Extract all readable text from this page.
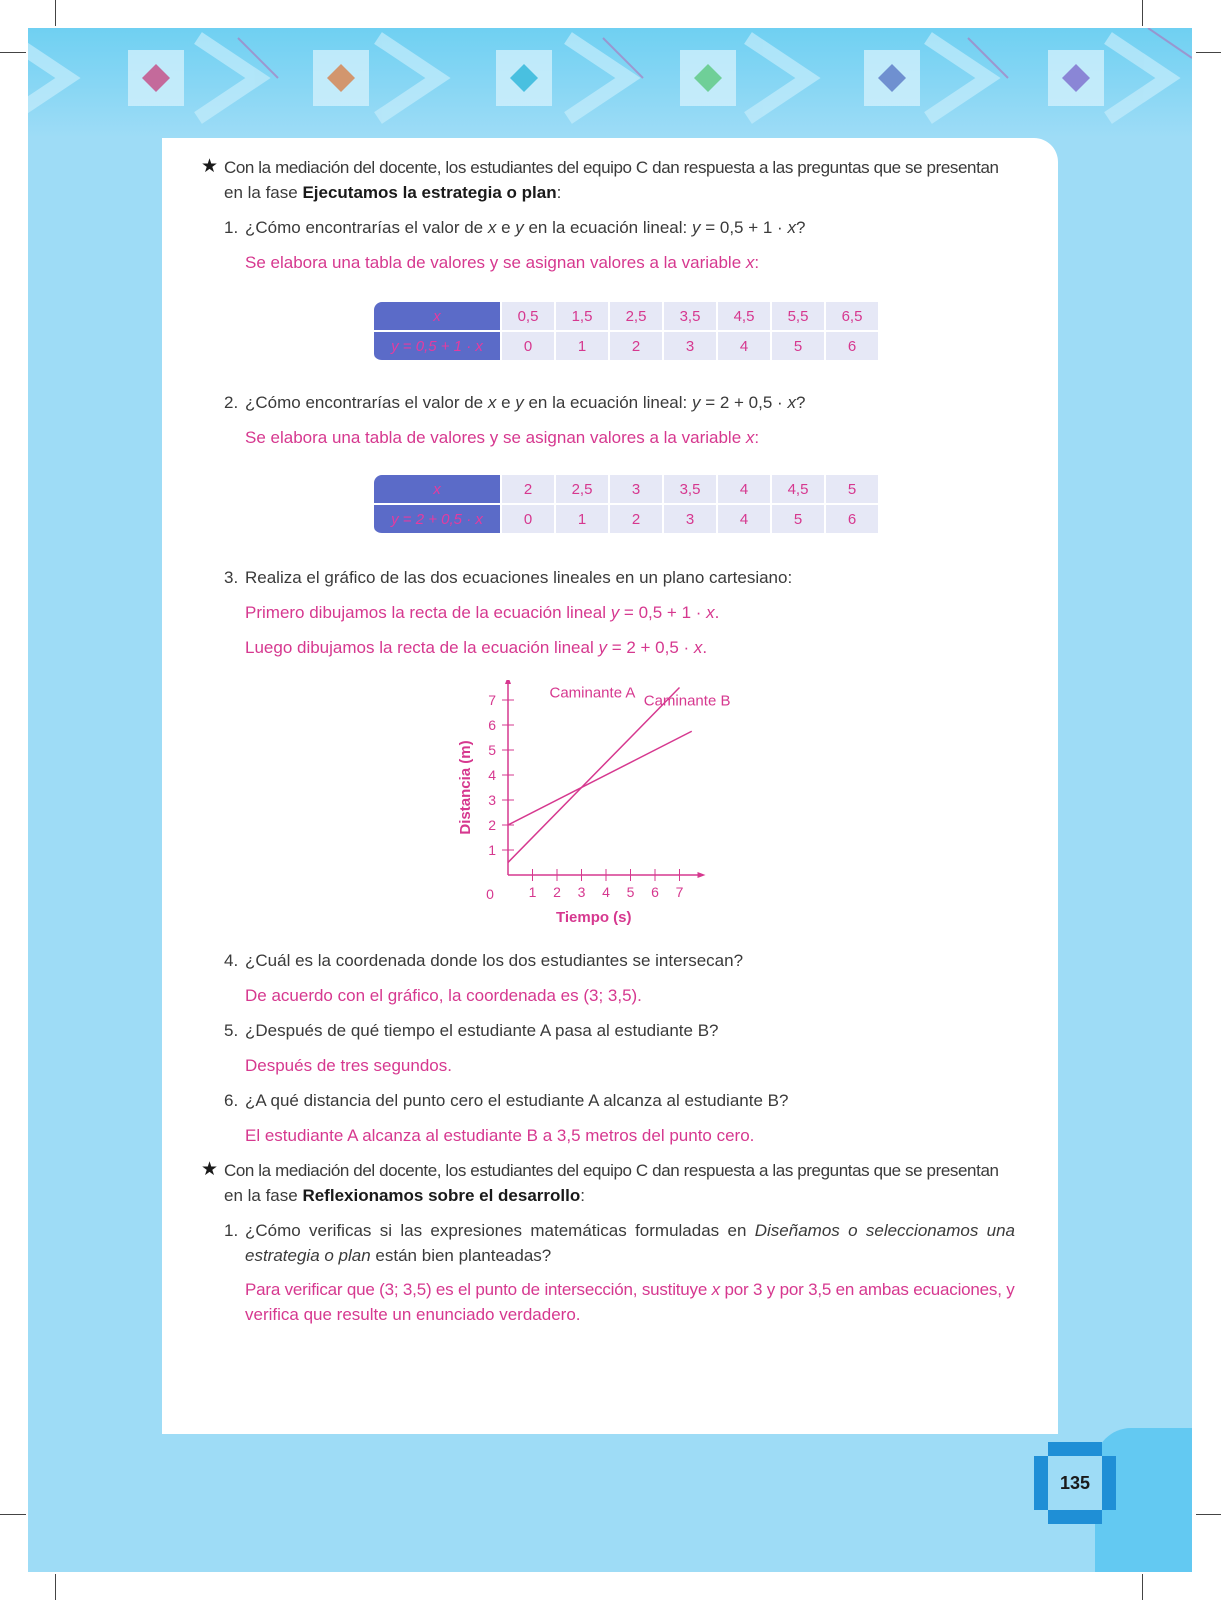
135
★ Con la mediación del docente, los estudiantes del equipo C dan respuesta a las preguntas que se presentan
en la fase Ejecutamos la estrategia o plan:
1. ¿Cómo encontrarías el valor de x e y en la ecuación lineal: y = 0,5 + 1 · x?
Se elabora una tabla de valores y se asignan valores a la variable x:
x	0,5	1,5	2,5	3,5	4,5	5,5	6,5
y = 0,5 + 1 · x	0	1	2	3	4	5	6
2. ¿Cómo encontrarías el valor de x e y en la ecuación lineal: y = 2 + 0,5 · x?
Se elabora una tabla de valores y se asignan valores a la variable x:
x	2	2,5	3	3,5	4	4,5	5
y = 2 + 0,5 · x	0	1	2	3	4	5	6
3. Realiza el gráfico de las dos ecuaciones lineales en un plano cartesiano:
Primero dibujamos la recta de la ecuación lineal y = 0,5 + 1 · x.
Luego dibujamos la recta de la ecuación lineal y = 2 + 0,5 · x.
1 2 3 4 5 6 7
1
2
3
4
5
6
7
0
Caminante A Caminante B
Tiempo (s)
Distancia (m)
4. ¿Cuál es la coordenada donde los dos estudiantes se intersecan?
De acuerdo con el gráfico, la coordenada es (3; 3,5).
5. ¿Después de qué tiempo el estudiante A pasa al estudiante B?
Después de tres segundos.
6. ¿A qué distancia del punto cero el estudiante A alcanza al estudiante B?
El estudiante A alcanza al estudiante B a 3,5 metros del punto cero.
★ Con la mediación del docente, los estudiantes del equipo C dan respuesta a las preguntas que se presentan
en la fase Reflexionamos sobre el desarrollo:
1. ¿Cómo verificas si las expresiones matemáticas formuladas en Diseñamos o seleccionamos una
estrategia o plan están bien planteadas?
Para verificar que (3; 3,5) es el punto de intersección, sustituye x por 3 y por 3,5 en ambas ecuaciones, y
verifica que resulte un enunciado verdadero.
